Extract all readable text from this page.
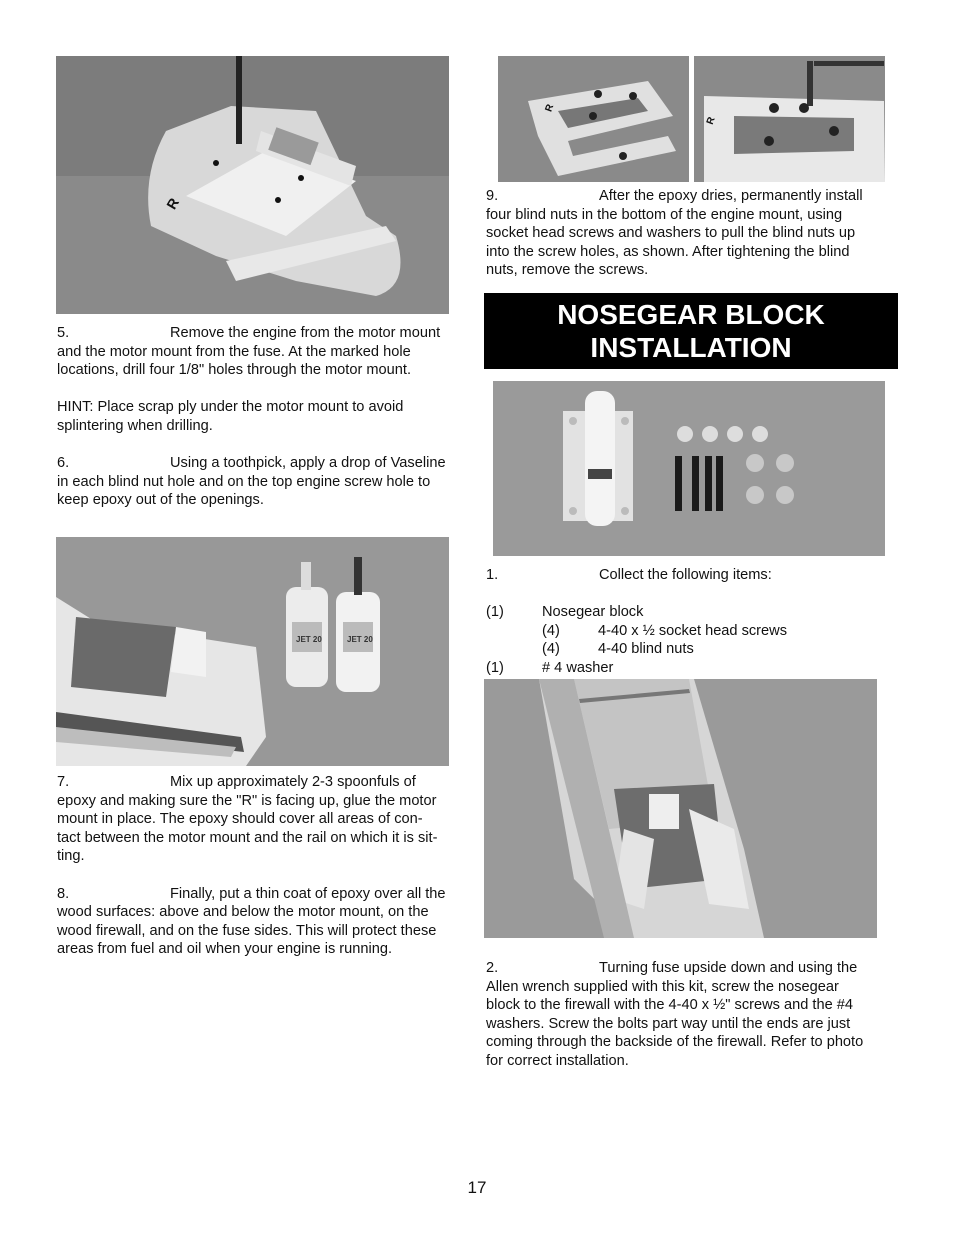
R

5.	Remove the engine from the motor mount

and the motor mount from the fuse. At the marked hole

locations, drill four 1/8" holes through the motor mount.

HINT: Place scrap ply under the motor mount to avoid

splintering when drilling.

6.	Using a toothpick, apply a drop of Vaseline

in each blind nut hole and on the top engine screw hole to

keep epoxy out of the openings.

JET 20	JET 20

7.	Mix up approximately 2-3 spoonfuls of

epoxy and making sure the "R" is facing up, glue the motor

mount in place. The epoxy should cover all areas of con-

tact between the motor mount and the rail on which it is sit-

ting.

8.	Finally, put a thin coat of epoxy over all the

wood surfaces: above and below the motor mount, on the

wood firewall, and on the fuse sides. This will protect these

areas from fuel and oil when your engine is running.

R
R

9.	After the epoxy dries, permanently install

four blind nuts in the bottom of the engine mount, using

socket head screws and washers to pull the blind nuts up

into the screw holes, as shown. After tightening the blind

nuts, remove the screws.

NOSEGEAR BLOCK
INSTALLATION

1.	Collect the following items:

(1)	Nosegear block

(4)	4-40 x ½ socket head screws

(4)	4-40 blind nuts

(1)	# 4 washer

2.	Turning fuse upside down and using the

Allen wrench supplied with this kit, screw the nosegear

block to the firewall with the 4-40 x ½" screws and the #4

washers. Screw the bolts part way until the ends are just

coming through the backside of the firewall. Refer to photo

for correct installation.

17
